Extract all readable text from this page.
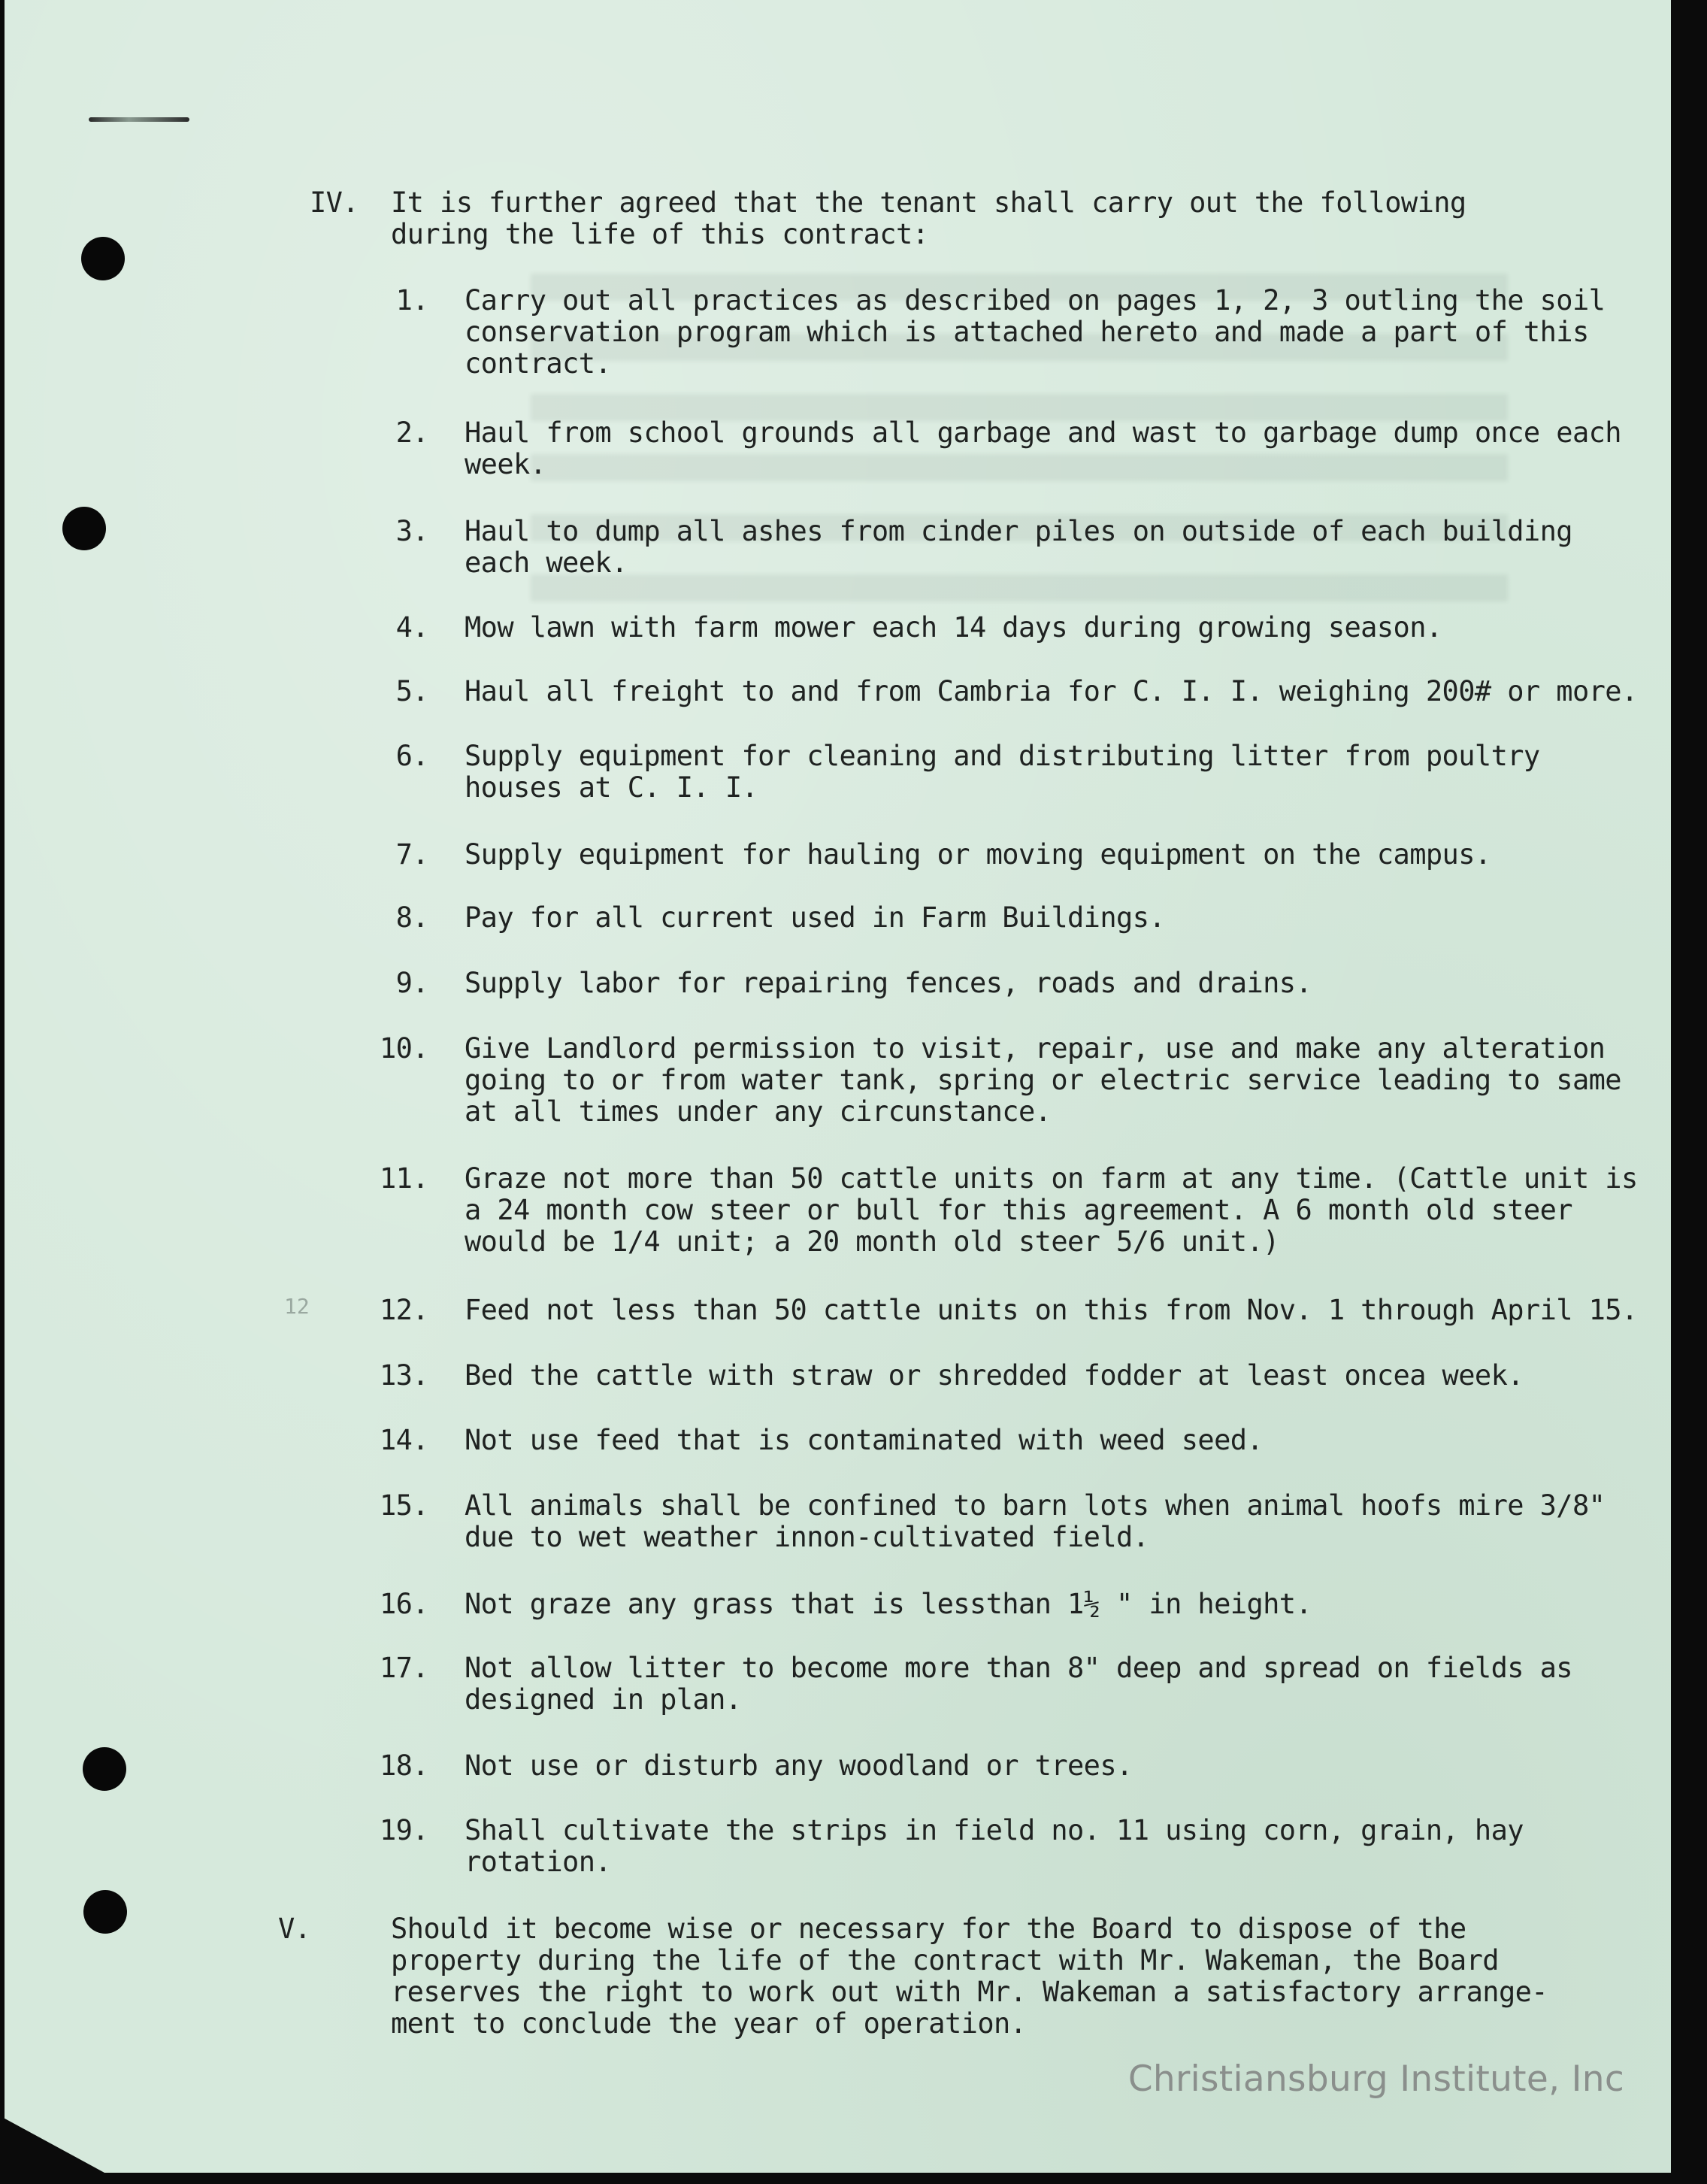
IV.	It is further agreed that the tenant shall carry out the following during the life of this contract:
1. Carry out all practices as described on pages 1, 2, 3 outling the soil conservation program which is attached hereto and made a part of this contract.
2. Haul from school grounds all garbage and wast to garbage dump once each week.
3. Haul to dump all ashes from cinder piles on outside of each building each week.
4. Mow lawn with farm mower each 14 days during growing season.
5. Haul all freight to and from Cambria for C. I. I. weighing 200# or more.
6. Supply equipment for cleaning and distributing litter from poultry houses at C. I. I.
7. Supply equipment for hauling or moving equipment on the campus.
8. Pay for all current used in Farm Buildings.
9. Supply labor for repairing fences, roads and drains.
10. Give Landlord permission to visit, repair, use and make any alteration going to or from water tank, spring or electric service leading to same at all times under any circunstance.
11. Graze not more than 50 cattle units on farm at any time. (Cattle unit is a 24 month cow steer or bull for this agreement. A 6 month old steer would be 1/4 unit; a 20 month old steer 5/6 unit.)
12	12. Feed not less than 50 cattle units on this from Nov. 1 through April 15.
13. Bed the cattle with straw or shredded fodder at least oncea week.
14. Not use feed that is contaminated with weed seed.
15. All animals shall be confined to barn lots when animal hoofs mire 3/8" due to wet weather innon-cultivated field.
16. Not graze any grass that is lessthan 1½ " in height.
17. Not allow litter to become more than 8" deep and spread on fields as designed in plan.
18. Not use or disturb any woodland or trees.
19. Shall cultivate the strips in field no. 11 using corn, grain, hay rotation.
V.	Should it become wise or necessary for the Board to dispose of the property during the life of the contract with Mr. Wakeman, the Board reserves the right to work out with Mr. Wakeman a satisfactory arrange- ment to conclude the year of operation.
Christiansburg Institute, Inc
